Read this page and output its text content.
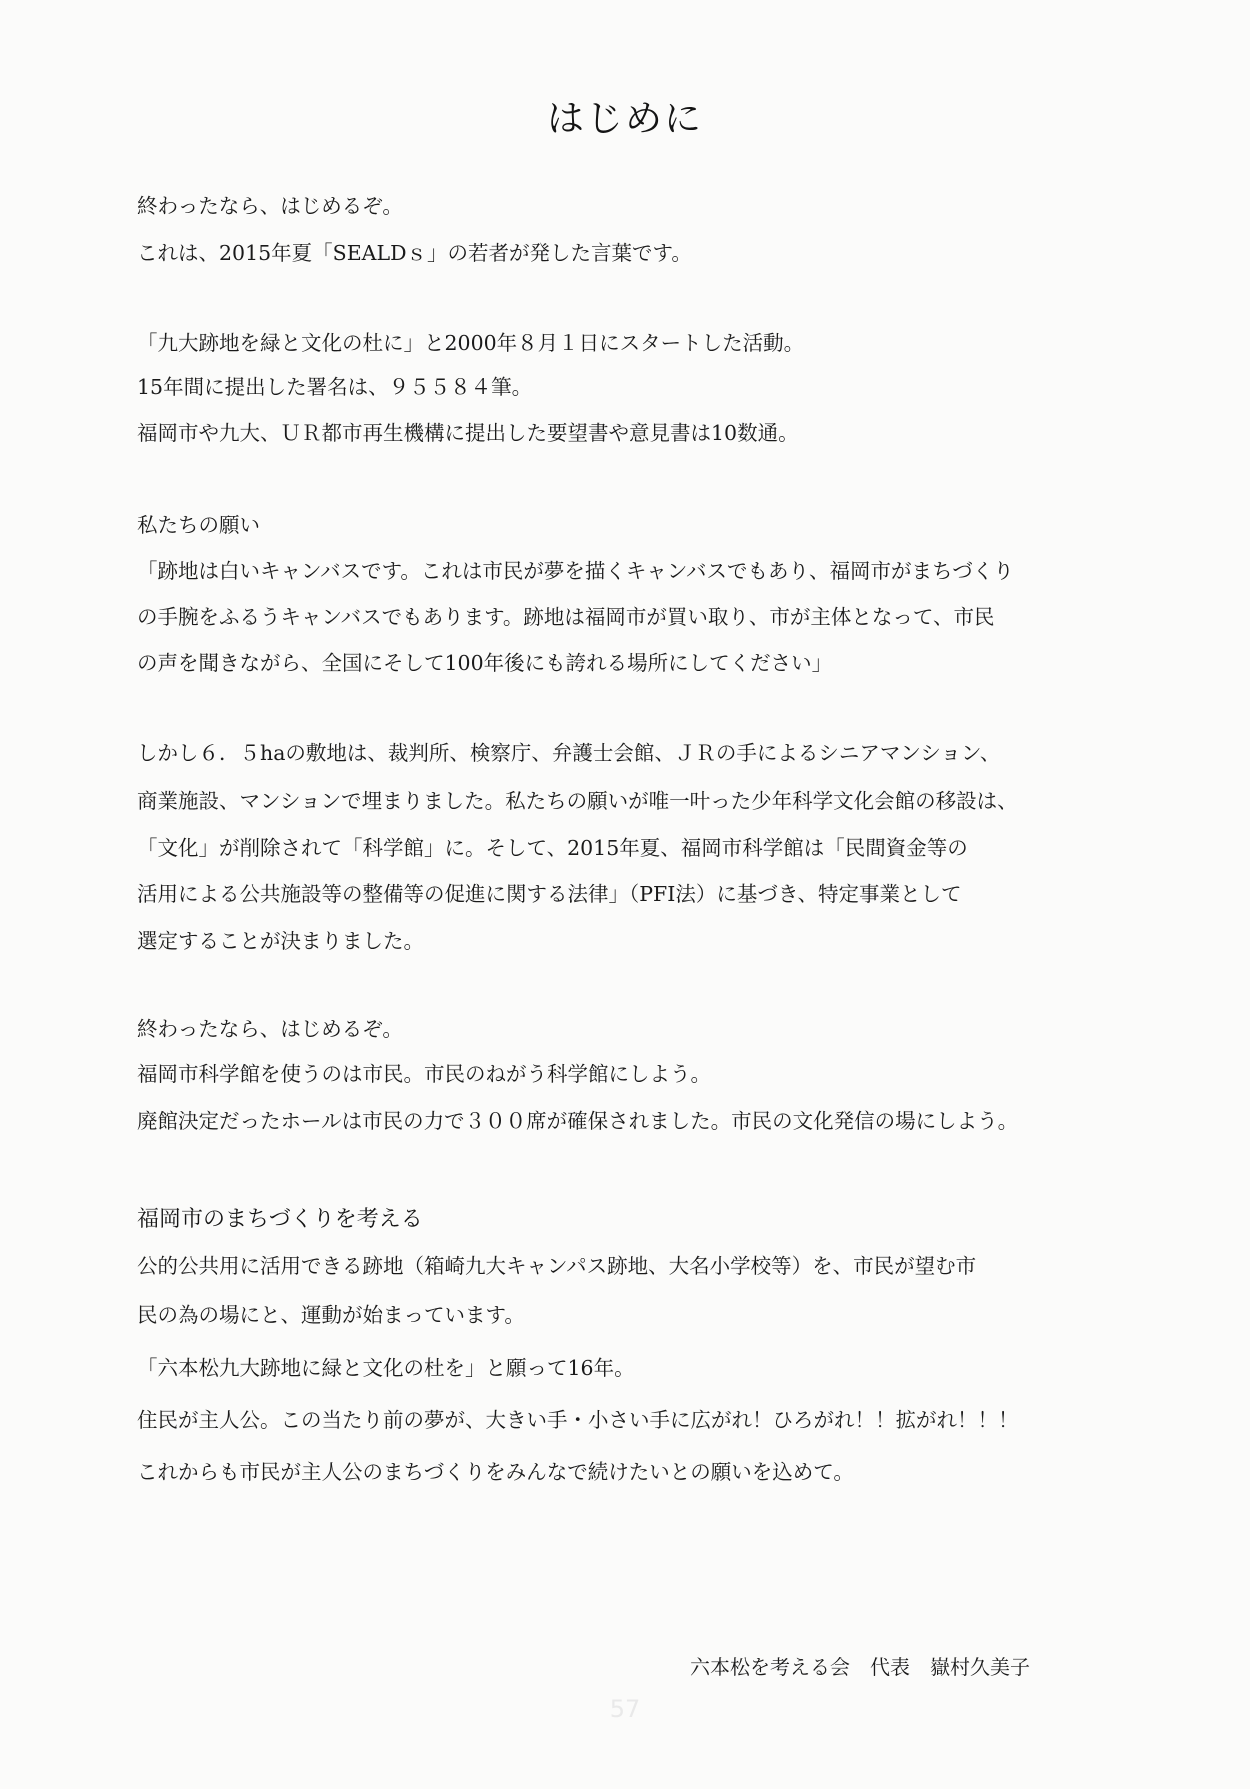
はじめに
終わったなら、はじめるぞ。
これは、2015年夏「SEALDｓ」の若者が発した言葉です。
「九大跡地を緑と文化の杜に」と2000年８月１日にスタートした活動。
15年間に提出した署名は、９５５８４筆。
福岡市や九大、ＵＲ都市再生機構に提出した要望書や意見書は10数通。
私たちの願い
「跡地は白いキャンバスです。これは市民が夢を描くキャンバスでもあり、福岡市がまちづくり
の手腕をふるうキャンバスでもあります。跡地は福岡市が買い取り、市が主体となって、市民
の声を聞きながら、全国にそして100年後にも誇れる場所にしてください」
しかし６．５haの敷地は、裁判所、検察庁、弁護士会館、ＪＲの手によるシニアマンション、
商業施設、マンションで埋まりました。私たちの願いが唯一叶った少年科学文化会館の移設は、
「文化」が削除されて「科学館」に。そして、2015年夏、福岡市科学館は「民間資金等の
活用による公共施設等の整備等の促進に関する法律」（PFI法）に基づき、特定事業として
選定することが決まりました。
終わったなら、はじめるぞ。
福岡市科学館を使うのは市民。市民のねがう科学館にしよう。
廃館決定だったホールは市民の力で３００席が確保されました。市民の文化発信の場にしよう。
福岡市のまちづくりを考える
公的公共用に活用できる跡地（箱崎九大キャンパス跡地、大名小学校等）を、市民が望む市
民の為の場にと、運動が始まっています。
「六本松九大跡地に緑と文化の杜を」と願って16年。
住民が主人公。この当たり前の夢が、大きい手・小さい手に広がれ！ひろがれ！！拡がれ！！！
これからも市民が主人公のまちづくりをみんなで続けたいとの願いを込めて。
六本松を考える会　代表　嶽村久美子
57
